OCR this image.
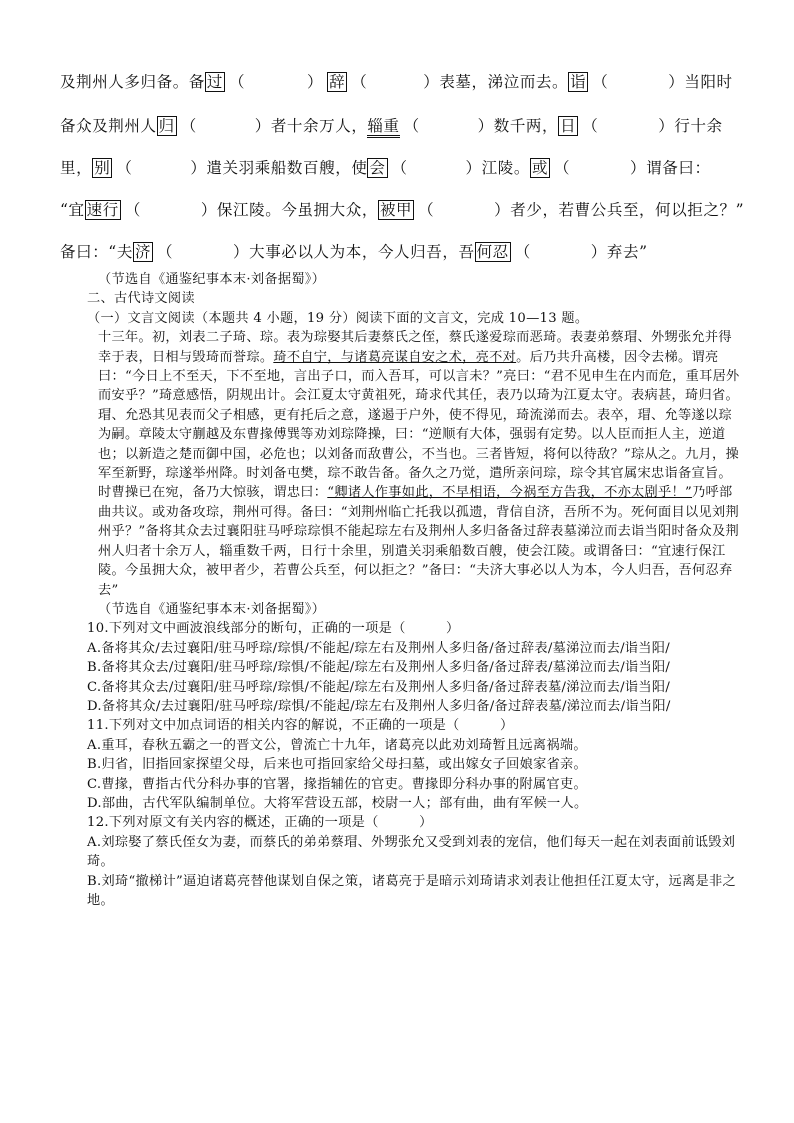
及荆州人多归备。备 过 （	） 辞 （	）表墓，涕泣而去。 诣 （	）当阳时
备众及荆州人 归 （	）者十余万人，辎重 （	）数千两， 日 （	）行十余
里， 别 （	）遣关羽乘船数百艘，使 会 （	）江陵。 或 （	）谓备曰：
“宜 速行 （	）保江陵。今虽拥大众， 被甲 （	）者少，若曹公兵至，何以拒之？”
备曰：“夫 济 （	）大事必以人为本，今人归吾，吾 何忍 （	）弃去”

（节选自《通鉴纪事本末·刘备据蜀》）

二、古代诗文阅读

（一）文言文阅读（本题共 4 小题，19 分）阅读下面的文言文，完成 10—13 题。

十三年。初，刘表二子琦、琮。表为琮娶其后妻蔡氏之侄，蔡氏遂爱琮而恶琦。表妻弟蔡瑁、外甥张允并得幸于表，日相与毁琦而誉琮。琦不自宁，与诸葛亮谋自安之术，亮不对。后乃共升高楼，因令去梯。谓亮曰：“今日上不至天，下不至地，言出子口，而入吾耳，可以言未？”亮曰：“君不见申生在内而危，重耳居外而安乎？”琦意感悟，阴规出计。会江夏太守黄祖死，琦求代其任，表乃以琦为江夏太守。表病甚，琦归省。瑁、允恐其见表而父子相感，更有托后之意，遂遏于户外，使不得见，琦流涕而去。表卒，瑁、允等遂以琮为嗣。章陵太守蒯越及东曹掾傅巽等劝刘琮降操，曰：“逆顺有大体，强弱有定势。以人臣而拒人主，逆道也；以新造之楚而御中国，必危也；以刘备而敌曹公，不当也。三者皆短，将何以待敌？”琮从之。九月，操军至新野，琮遂举州降。时刘备屯樊，琮不敢告备。备久之乃觉，遣所亲问琮，琮令其官属宋忠诣备宣旨。时曹操已在宛，备乃大惊骇，谓忠曰：“卿诸人作事如此，不早相语，今祸至方告我，不亦太剧乎！”乃呼部曲共议。或劝备攻琮，荆州可得。备曰：“刘荆州临亡托我以孤遗，背信自济，吾所不为。死何面目以见刘荆州乎？”备将其众去过襄阳驻马呼琮琮惧不能起琮左右及荆州人多归备备过辞表墓涕泣而去诣当阳时备众及荆州人归者十余万人，辎重数千两，日行十余里，别遣关羽乘船数百艘，使会江陵。或谓备曰：“宜速行保江陵。今虽拥大众，被甲者少，若曹公兵至，何以拒之？”备曰：“夫济大事必以人为本，今人归吾，吾何忍弃去”

（节选自《通鉴纪事本末·刘备据蜀》）

10.下列对文中画波浪线部分的断句，正确的一项是（　　　）

A.备将其众/去过襄阳/驻马呼琮/琮惧/不能起/琮左右及荆州人多归备/备过辞表/墓涕泣而去/诣当阳/

B.备将其众去/过襄阳/驻马呼琮/琮惧/不能起/琮左右及荆州人多归备/备过辞表/墓涕泣而去/诣当阳/

C.备将其众去/过襄阳/驻马呼琮/琮惧/不能起/琮左右及荆州人多归备/备过辞表墓/涕泣而去/诣当阳/

D.备将其众/去过襄阳/驻马呼琮/琮惧/不能起/琮左右及荆州人多归备/备过辞表墓/涕泣而去/诣当阳/

11.下列对文中加点词语的相关内容的解说，不正确的一项是（　　　）

A.重耳，春秋五霸之一的晋文公，曾流亡十九年，诸葛亮以此劝刘琦暂且远离祸端。

B.归省，旧指回家探望父母，后来也可指回家给父母扫墓，或出嫁女子回娘家省亲。

C.曹掾，曹指古代分科办事的官署，掾指辅佐的官吏。曹掾即分科办事的附属官吏。

D.部曲，古代军队编制单位。大将军营设五部，校尉一人；部有曲，曲有军候一人。

12.下列对原文有关内容的概述，正确的一项是（　　　）

A.刘琮娶了蔡氏侄女为妻，而蔡氏的弟弟蔡瑁、外甥张允又受到刘表的宠信，他们每天一起在刘表面前诋毁刘琦。

B.刘琦“撤梯计”逼迫诸葛亮替他谋划自保之策，诸葛亮于是暗示刘琦请求刘表让他担任江夏太守，远离是非之地。
